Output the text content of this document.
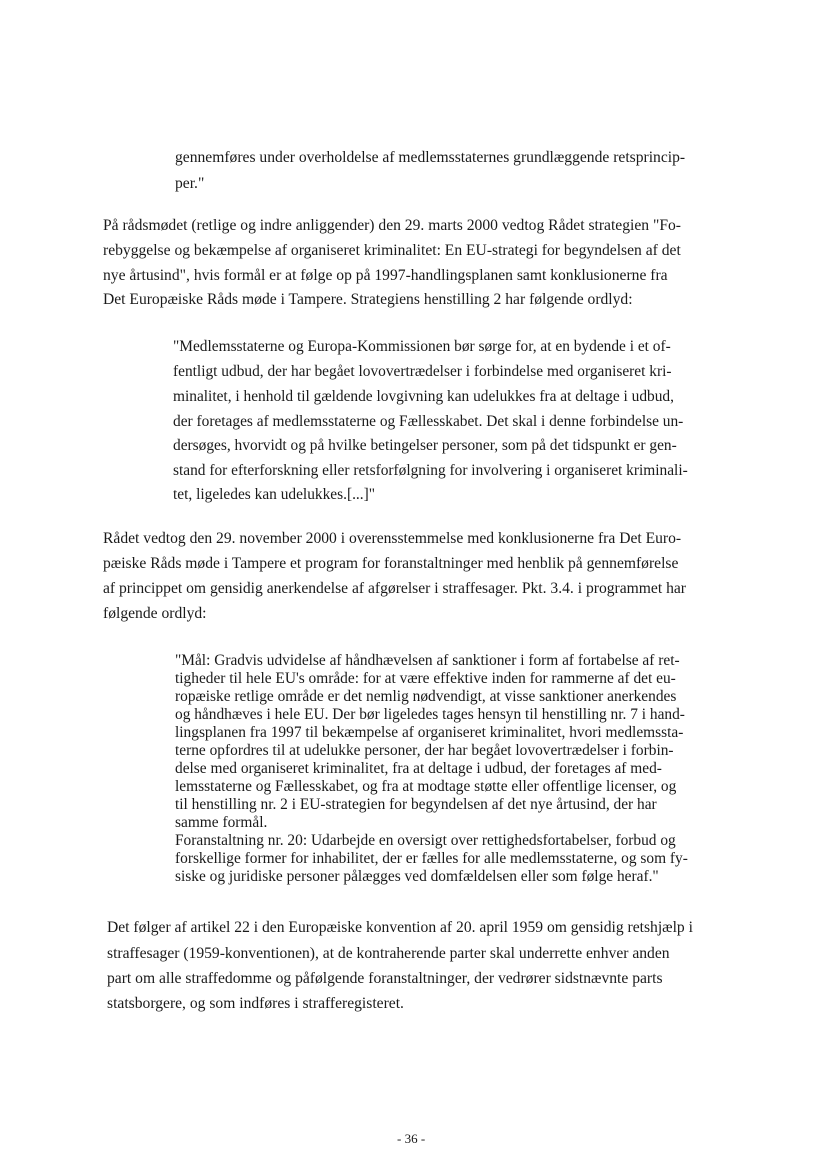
gennemføres under overholdelse af medlemsstaternes grundlæggende retsprincip-
per."
På rådsmødet (retlige og indre anliggender) den 29. marts 2000 vedtog Rådet strategien "Fo-
rebyggelse og bekæmpelse af organiseret kriminalitet: En EU-strategi for begyndelsen af det
nye årtusind", hvis formål er at følge op på 1997-handlingsplanen samt konklusionerne fra
Det Europæiske Råds møde i Tampere. Strategiens henstilling 2 har følgende ordlyd:
"Medlemsstaterne og Europa-Kommissionen bør sørge for, at en bydende i et of-
fentligt udbud, der har begået lovovertrædelser i forbindelse med organiseret kri-
minalitet, i henhold til gældende lovgivning kan udelukkes fra at deltage i udbud,
der foretages af medlemsstaterne og Fællesskabet. Det skal i denne forbindelse un-
dersøges, hvorvidt og på hvilke betingelser personer, som på det tidspunkt er gen-
stand for efterforskning eller retsforfølgning for involvering i organiseret kriminali-
tet, ligeledes kan udelukkes.[...]"
Rådet vedtog den 29. november 2000 i overensstemmelse med konklusionerne fra Det Euro-
pæiske Råds møde i Tampere et program for foranstaltninger med henblik på gennemførelse
af princippet om gensidig anerkendelse af afgørelser i straffesager. Pkt. 3.4. i programmet har
følgende ordlyd:
"Mål: Gradvis udvidelse af håndhævelsen af sanktioner i form af fortabelse af ret-
tigheder til hele EU's område: for at være effektive inden for rammerne af det eu-
ropæiske retlige område er det nemlig nødvendigt, at visse sanktioner anerkendes
og håndhæves i hele EU. Der bør ligeledes tages hensyn til henstilling nr. 7 i hand-
lingsplanen fra 1997 til bekæmpelse af organiseret kriminalitet, hvori medlemssta-
terne opfordres til at udelukke personer, der har begået lovovertrædelser i forbin-
delse med organiseret kriminalitet, fra at deltage i udbud, der foretages af med-
lemsstaterne og Fællesskabet, og fra at modtage støtte eller offentlige licenser, og
til henstilling nr. 2 i EU-strategien for begyndelsen af det nye årtusind, der har
samme formål.
Foranstaltning nr. 20: Udarbejde en oversigt over rettighedsfortabelser, forbud og
forskellige former for inhabilitet, der er fælles for alle medlemsstaterne, og som fy-
siske og juridiske personer pålægges ved domfældelsen eller som følge heraf."
Det følger af artikel 22 i den Europæiske konvention af 20. april 1959 om gensidig retshjælp i
straffesager (1959-konventionen), at de kontraherende parter skal underrette enhver anden
part om alle straffedomme og påfølgende foranstaltninger, der vedrører sidstnævnte parts
statsborgere, og som indføres i strafferegisteret.
- 36 -
